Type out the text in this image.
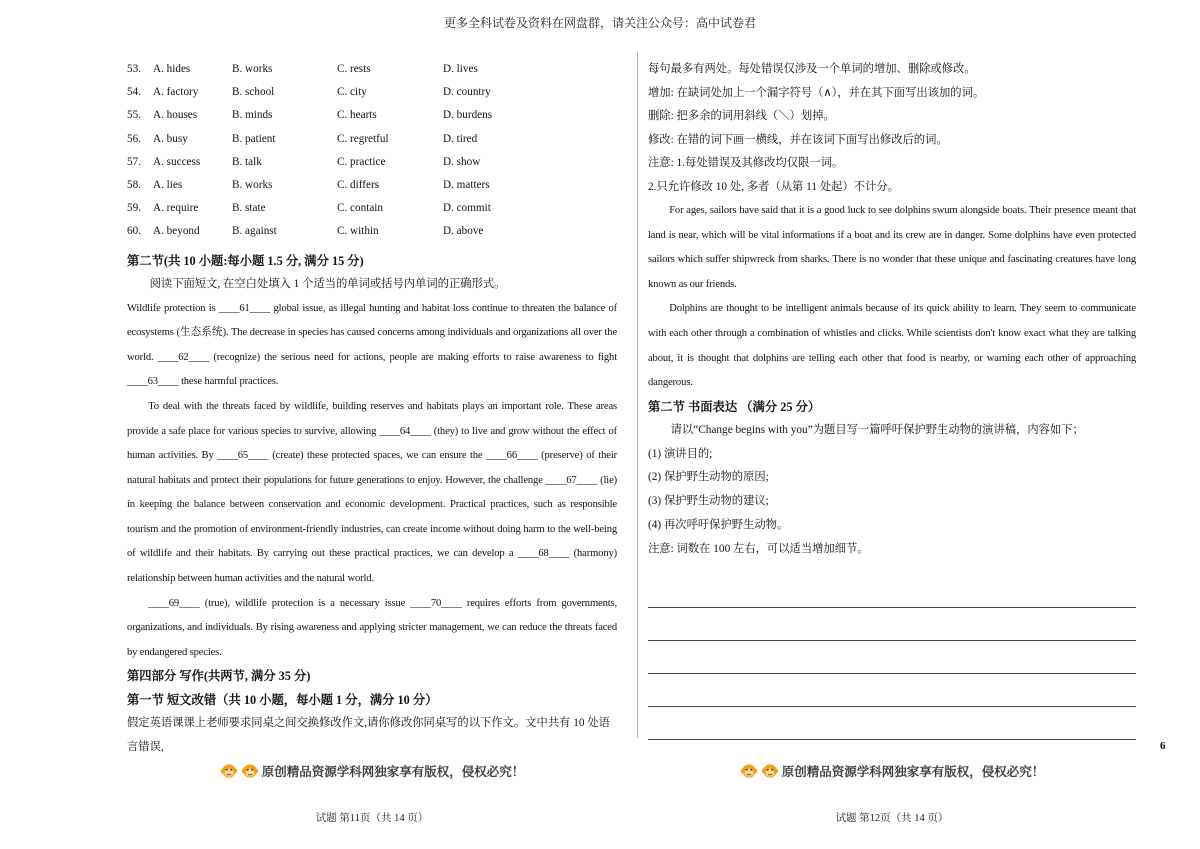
更多全科试卷及资料在网盘群，请关注公众号：高中试卷君
53.	A. hides	B. works	C. rests	D. lives
54.	A. factory	B. school	C. city	D. country
55.	A. houses	B. minds	C. hearts	D. burdens
56.	A. busy	B. patient	C. regretful	D. tired
57.	A. success	B. talk	C. practice	D. show
58.	A. lies	B. works	C. differs	D. matters
59.	A. require	B. state	C. contain	D. commit
60.	A. beyond	B. against	C. within	D. above
第二节(共 10 小题:每小题 1.5 分, 满分 15 分)
阅读下面短文, 在空白处填入 1 个适当的单词或括号内单词的正确形式。

Wildlife protection is ____61____ global issue, as illegal hunting and habitat loss continue to threaten the balance of ecosystems (生态系统). The decrease in species has caused concerns among individuals and organizations all over the world. ____62____ (recognize) the serious need for actions, people are making efforts to raise awareness to fight ____63____ these harmful practices.

To deal with the threats faced by wildlife, building reserves and habitats plays an important role. These areas provide a safe place for various species to survive, allowing ____64____ (they) to live and grow without the effect of human activities. By ____65____ (create) these protected spaces, we can ensure the ____66____ (preserve) of their natural habitats and protect their populations for future generations to enjoy. However, the challenge ____67____ (lie) in keeping the balance between conservation and economic development. Practical practices, such as responsible tourism and the promotion of environment-friendly industries, can create income without doing harm to the well-being of wildlife and their habitats. By carrying out these practical practices, we can develop a ____68____ (harmony) relationship between human activities and the natural world.

____69____ (true), wildlife protection is a necessary issue ____70____ requires efforts from governments, organizations, and individuals. By rising awareness and applying stricter management, we can reduce the threats faced by endangered species.

第四部分 写作(共两节, 满分 35 分)
第一节 短文改错（共 10 小题，每小题 1 分，满分 10 分）
假定英语课课上老师要求同桌之间交换修改作文,请你修改你同桌写的以下作文。文中共有 10 处语言错误,
每句最多有两处。每处错误仅涉及一个单词的增加、删除或修改。
增加: 在缺词处加上一个漏字符号（∧），并在其下面写出该加的词。
删除: 把多余的词用斜线（＼）划掉。
修改: 在错的词下画一横线，并在该词下面写出修改后的词。
注意: 1.每处错误及其修改均仅限一词。
2.只允许修改 10 处, 多者（从第 11 处起）不计分。

For ages, sailors have said that it is a good luck to see dolphins swum alongside boats. Their presence meant that land is near, which will be vital informations if a boat and its crew are in danger. Some dolphins have even protected sailors which suffer shipwreck from sharks. There is no wonder that these unique and fascinating creatures have long known as our friends.

Dolphins are thought to be intelligent animals because of its quick ability to learn. They seem to communicate with each other through a combination of whistles and clicks. While scientists don't know exact what they are talking about, it is thought that dolphins are telling each other that food is nearby, or warning each other of approaching dangerous.

第二节 书面表达 （满分 25 分）
请以“Change begins with you”为题目写一篇呼吁保护野生动物的演讲稿，内容如下；
(1) 演讲目的;
(2) 保护野生动物的原因;
(3) 保护野生动物的建议;
(4) 再次呼吁保护野生动物。
注意: 词数在 100 左右，可以适当增加细节。
原创精品资源学科网独家享有版权，侵权必究！	原创精品资源学科网独家享有版权，侵权必究！
试题 第11页（共 14 页）	试题 第12页（共 14 页）
6
